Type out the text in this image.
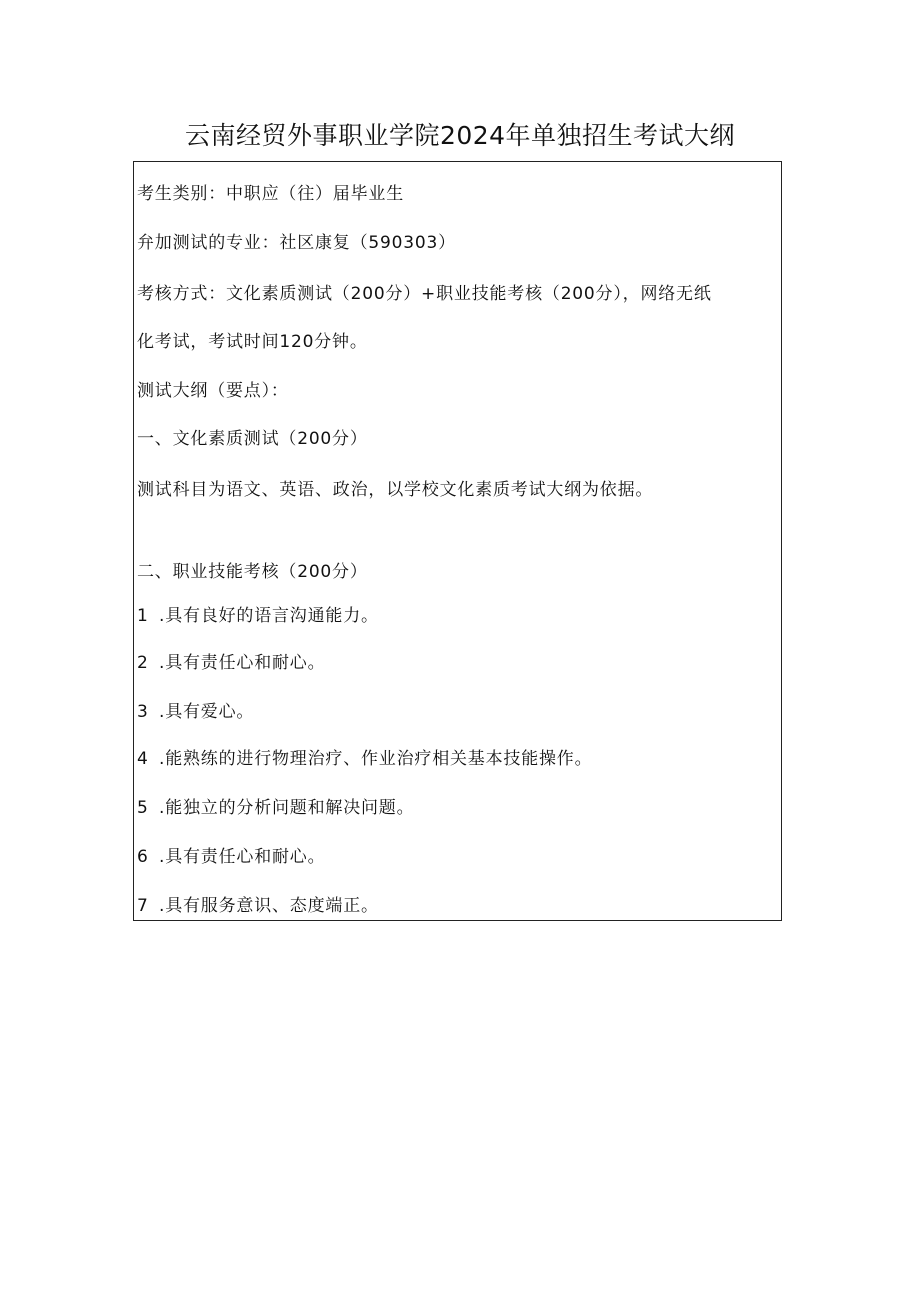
云南经贸外事职业学院2024年单独招生考试大纲
考生类别：中职应（往）届毕业生
弁加测试的专业：社区康复（590303）
考核方式：文化素质测试（200分）+职业技能考核（200分），网络无纸
化考试，考试时间120分钟。
测试大纲（要点）：
一、文化素质测试（200分）
测试科目为语文、英语、政治，以学校文化素质考试大纲为依据。
二、职业技能考核（200分）
1 .具有良好的语言沟通能力。
2 .具有责任心和耐心。
3 .具有爱心。
4 .能熟练的进行物理治疗、作业治疗相关基本技能操作。
5 .能独立的分析问题和解决问题。
6 .具有责任心和耐心。
7 .具有服务意识、态度端正。
